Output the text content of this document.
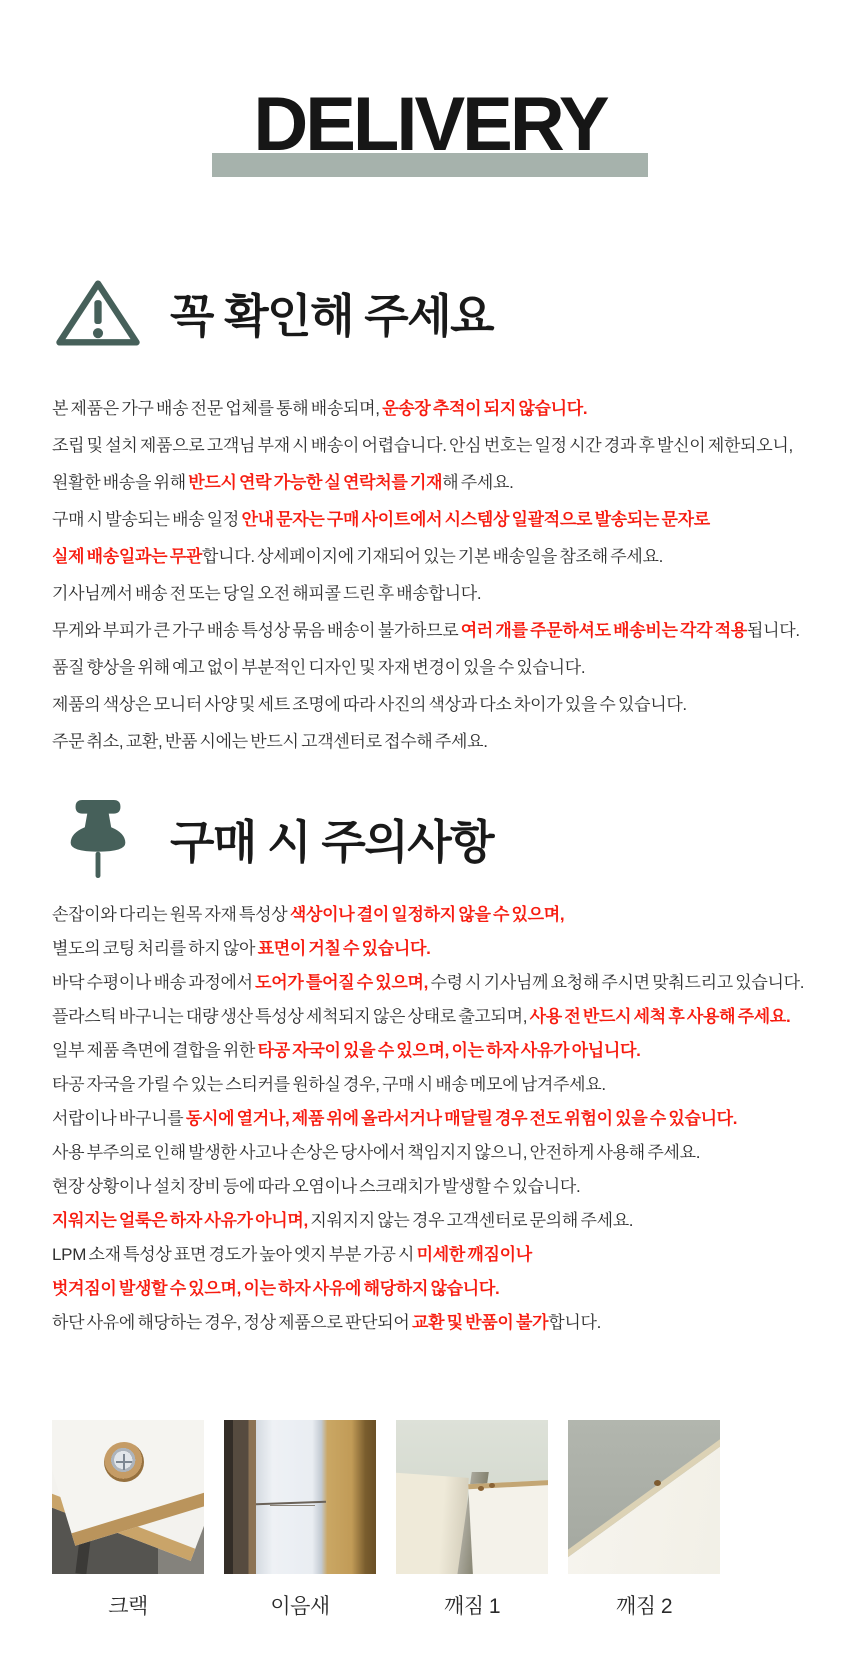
DELIVERY
꼭 확인해 주세요
본 제품은 가구 배송 전문 업체를 통해 배송되며, 운송장 추적이 되지 않습니다.
조립 및 설치 제품으로 고객님 부재 시 배송이 어렵습니다. 안심 번호는 일정 시간 경과 후 발신이 제한되오니,
원활한 배송을 위해 반드시 연락 가능한 실 연락처를 기재해 주세요.
구매 시 발송되는 배송 일정 안내 문자는 구매 사이트에서 시스템상 일괄적으로 발송되는 문자로
실제 배송일과는 무관합니다. 상세페이지에 기재되어 있는 기본 배송일을 참조해 주세요.
기사님께서 배송 전 또는 당일 오전 해피콜 드린 후 배송합니다.
무게와 부피가 큰 가구 배송 특성상 묶음 배송이 불가하므로 여러 개를 주문하셔도 배송비는 각각 적용됩니다.
품질 향상을 위해 예고 없이 부분적인 디자인 및 자재 변경이 있을 수 있습니다.
제품의 색상은 모니터 사양 및 세트 조명에 따라 사진의 색상과 다소 차이가 있을 수 있습니다.
주문 취소, 교환, 반품 시에는 반드시 고객센터로 접수해 주세요.
구매 시 주의사항
손잡이와 다리는 원목 자재 특성상 색상이나 결이 일정하지 않을 수 있으며,
별도의 코팅 처리를 하지 않아 표면이 거칠 수 있습니다.
바닥 수평이나 배송 과정에서 도어가 틀어질 수 있으며, 수령 시 기사님께 요청해 주시면 맞춰드리고 있습니다.
플라스틱 바구니는 대량 생산 특성상 세척되지 않은 상태로 출고되며, 사용 전 반드시 세척 후 사용해 주세요.
일부 제품 측면에 결합을 위한 타공 자국이 있을 수 있으며, 이는 하자 사유가 아닙니다.
타공 자국을 가릴 수 있는 스티커를 원하실 경우, 구매 시 배송 메모에 남겨주세요.
서랍이나 바구니를 동시에 열거나, 제품 위에 올라서거나 매달릴 경우 전도 위험이 있을 수 있습니다.
사용 부주의로 인해 발생한 사고나 손상은 당사에서 책임지지 않으니, 안전하게 사용해 주세요.
현장 상황이나 설치 장비 등에 따라 오염이나 스크래치가 발생할 수 있습니다.
지워지는 얼룩은 하자 사유가 아니며, 지워지지 않는 경우 고객센터로 문의해 주세요.
LPM 소재 특성상 표면 경도가 높아 엣지 부분 가공 시 미세한 깨짐이나
벗겨짐이 발생할 수 있으며, 이는 하자 사유에 해당하지 않습니다.
하단 사유에 해당하는 경우, 정상 제품으로 판단되어 교환 및 반품이 불가합니다.
크랙	이음새	깨짐 1	깨짐 2
